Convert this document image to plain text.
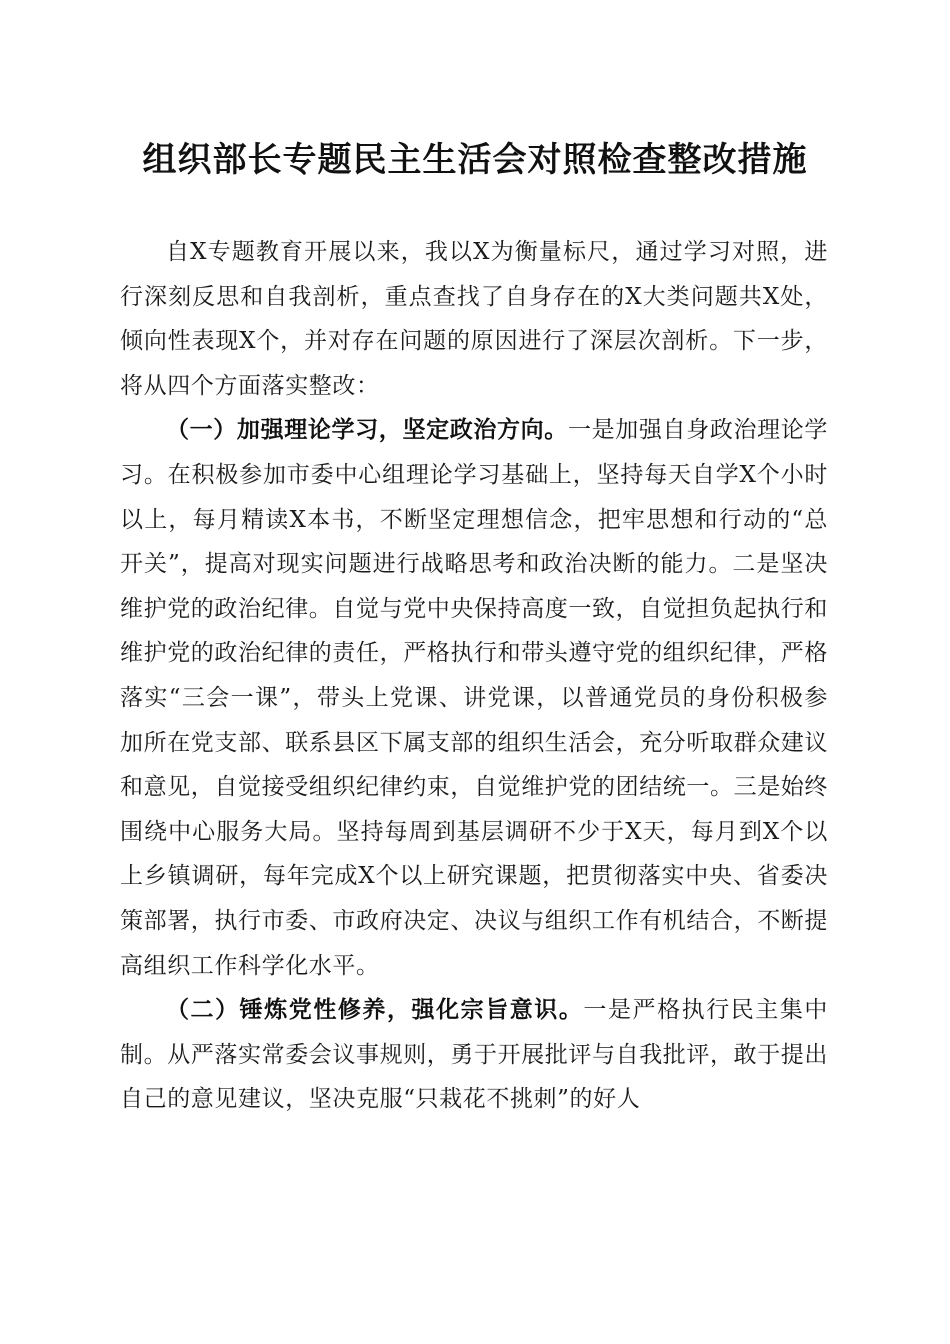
组织部长专题民主生活会对照检查整改措施

自X专题教育开展以来，我以X为衡量标尺，通过学习对照，进行深刻反思和自我剖析，重点查找了自身存在的X大类问题共X处，倾向性表现X个，并对存在问题的原因进行了深层次剖析。下一步，将从四个方面落实整改：

（一）加强理论学习，坚定政治方向。一是加强自身政治理论学习。在积极参加市委中心组理论学习基础上，坚持每天自学X个小时以上，每月精读X本书，不断坚定理想信念，把牢思想和行动的“总开关”，提高对现实问题进行战略思考和政治决断的能力。二是坚决维护党的政治纪律。自觉与党中央保持高度一致，自觉担负起执行和维护党的政治纪律的责任，严格执行和带头遵守党的组织纪律，严格落实“三会一课”，带头上党课、讲党课，以普通党员的身份积极参加所在党支部、联系县区下属支部的组织生活会，充分听取群众建议和意见，自觉接受组织纪律约束，自觉维护党的团结统一。三是始终围绕中心服务大局。坚持每周到基层调研不少于X天，每月到X个以上乡镇调研，每年完成X个以上研究课题，把贯彻落实中央、省委决策部署，执行市委、市政府决定、决议与组织工作有机结合，不断提高组织工作科学化水平。

（二）锤炼党性修养，强化宗旨意识。一是严格执行民主集中制。从严落实常委会议事规则，勇于开展批评与自我批评，敢于提出自己的意见建议，坚决克服“只栽花不挑刺”的好人
